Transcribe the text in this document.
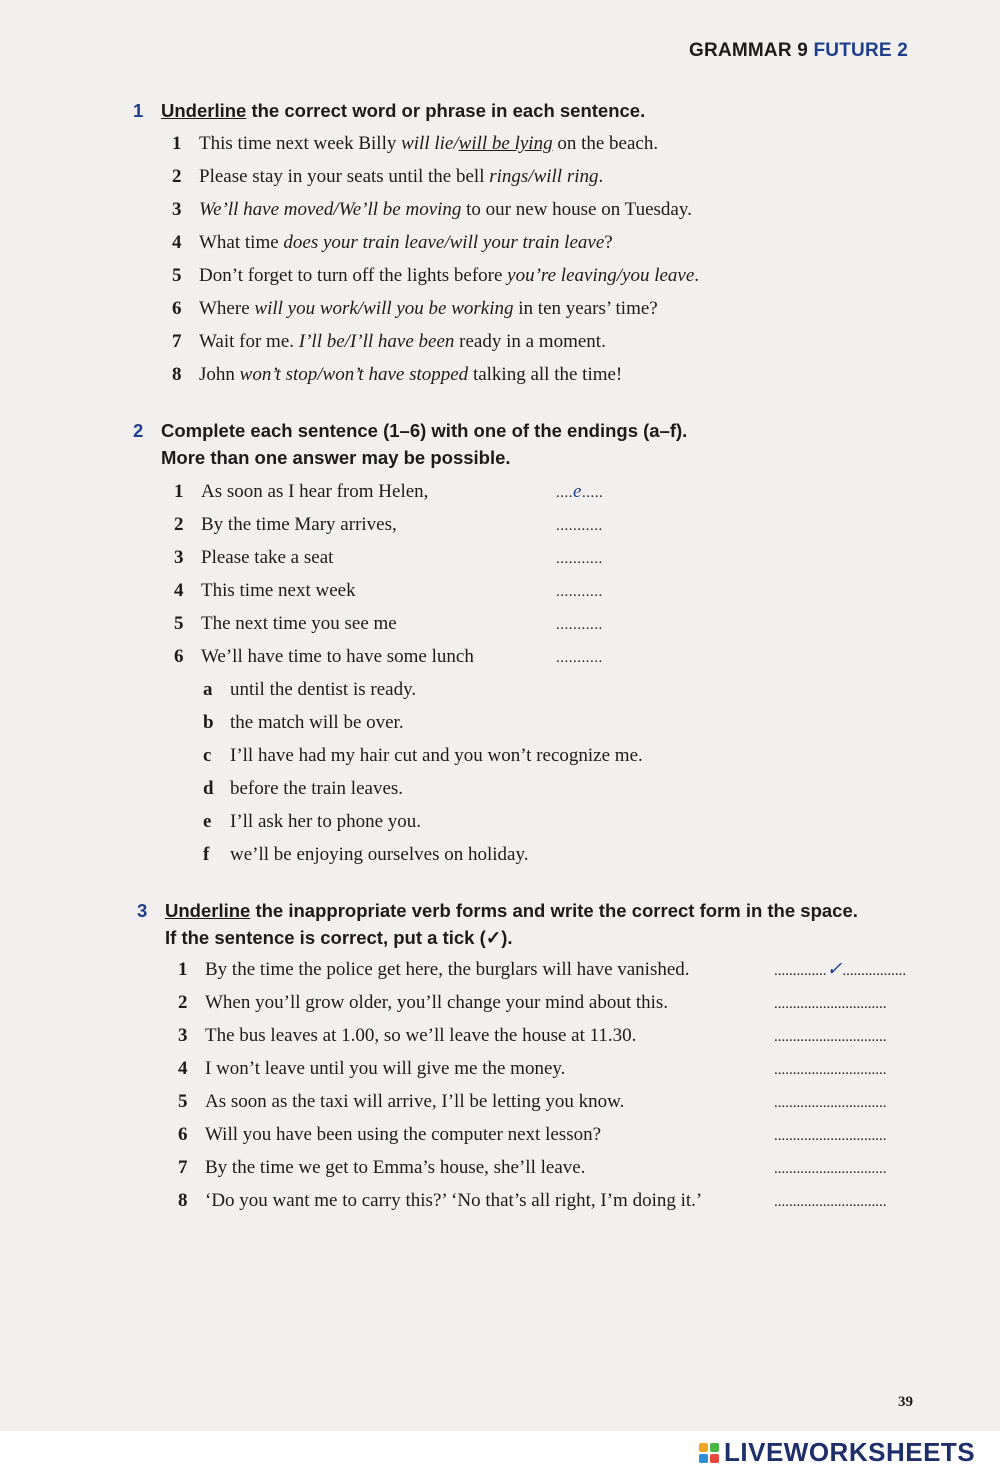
GRAMMAR 9 FUTURE 2
1 Underline the correct word or phrase in each sentence.
1 This time next week Billy will lie/will be lying on the beach.
2 Please stay in your seats until the bell rings/will ring.
3 We’ll have moved/We’ll be moving to our new house on Tuesday.
4 What time does your train leave/will your train leave?
5 Don’t forget to turn off the lights before you’re leaving/you leave.
6 Where will you work/will you be working in ten years’ time?
7 Wait for me. I’ll be/I’ll have been ready in a moment.
8 John won’t stop/won’t have stopped talking all the time!
2 Complete each sentence (1–6) with one of the endings (a–f).
More than one answer may be possible.
1 As soon as I hear from Helen,	....e.....
2 By the time Mary arrives,	...........
3 Please take a seat	...........
4 This time next week	...........
5 The next time you see me	...........
6 We’ll have time to have some lunch	...........
a until the dentist is ready.
b the match will be over.
c I’ll have had my hair cut and you won’t recognize me.
d before the train leaves.
e I’ll ask her to phone you.
f we’ll be enjoying ourselves on holiday.
3 Underline the inappropriate verb forms and write the correct form in the space.
If the sentence is correct, put a tick (✓).
1 By the time the police get here, the burglars will have vanished.	..............✓.................
2 When you’ll grow older, you’ll change your mind about this.	..............................
3 The bus leaves at 1.00, so we’ll leave the house at 11.30.	..............................
4 I won’t leave until you will give me the money.	..............................
5 As soon as the taxi will arrive, I’ll be letting you know.	..............................
6 Will you have been using the computer next lesson?	..............................
7 By the time we get to Emma’s house, she’ll leave.	..............................
8 ‘Do you want me to carry this?’ ‘No that’s all right, I’m doing it.’	..............................
39
LIVEWORKSHEETS
